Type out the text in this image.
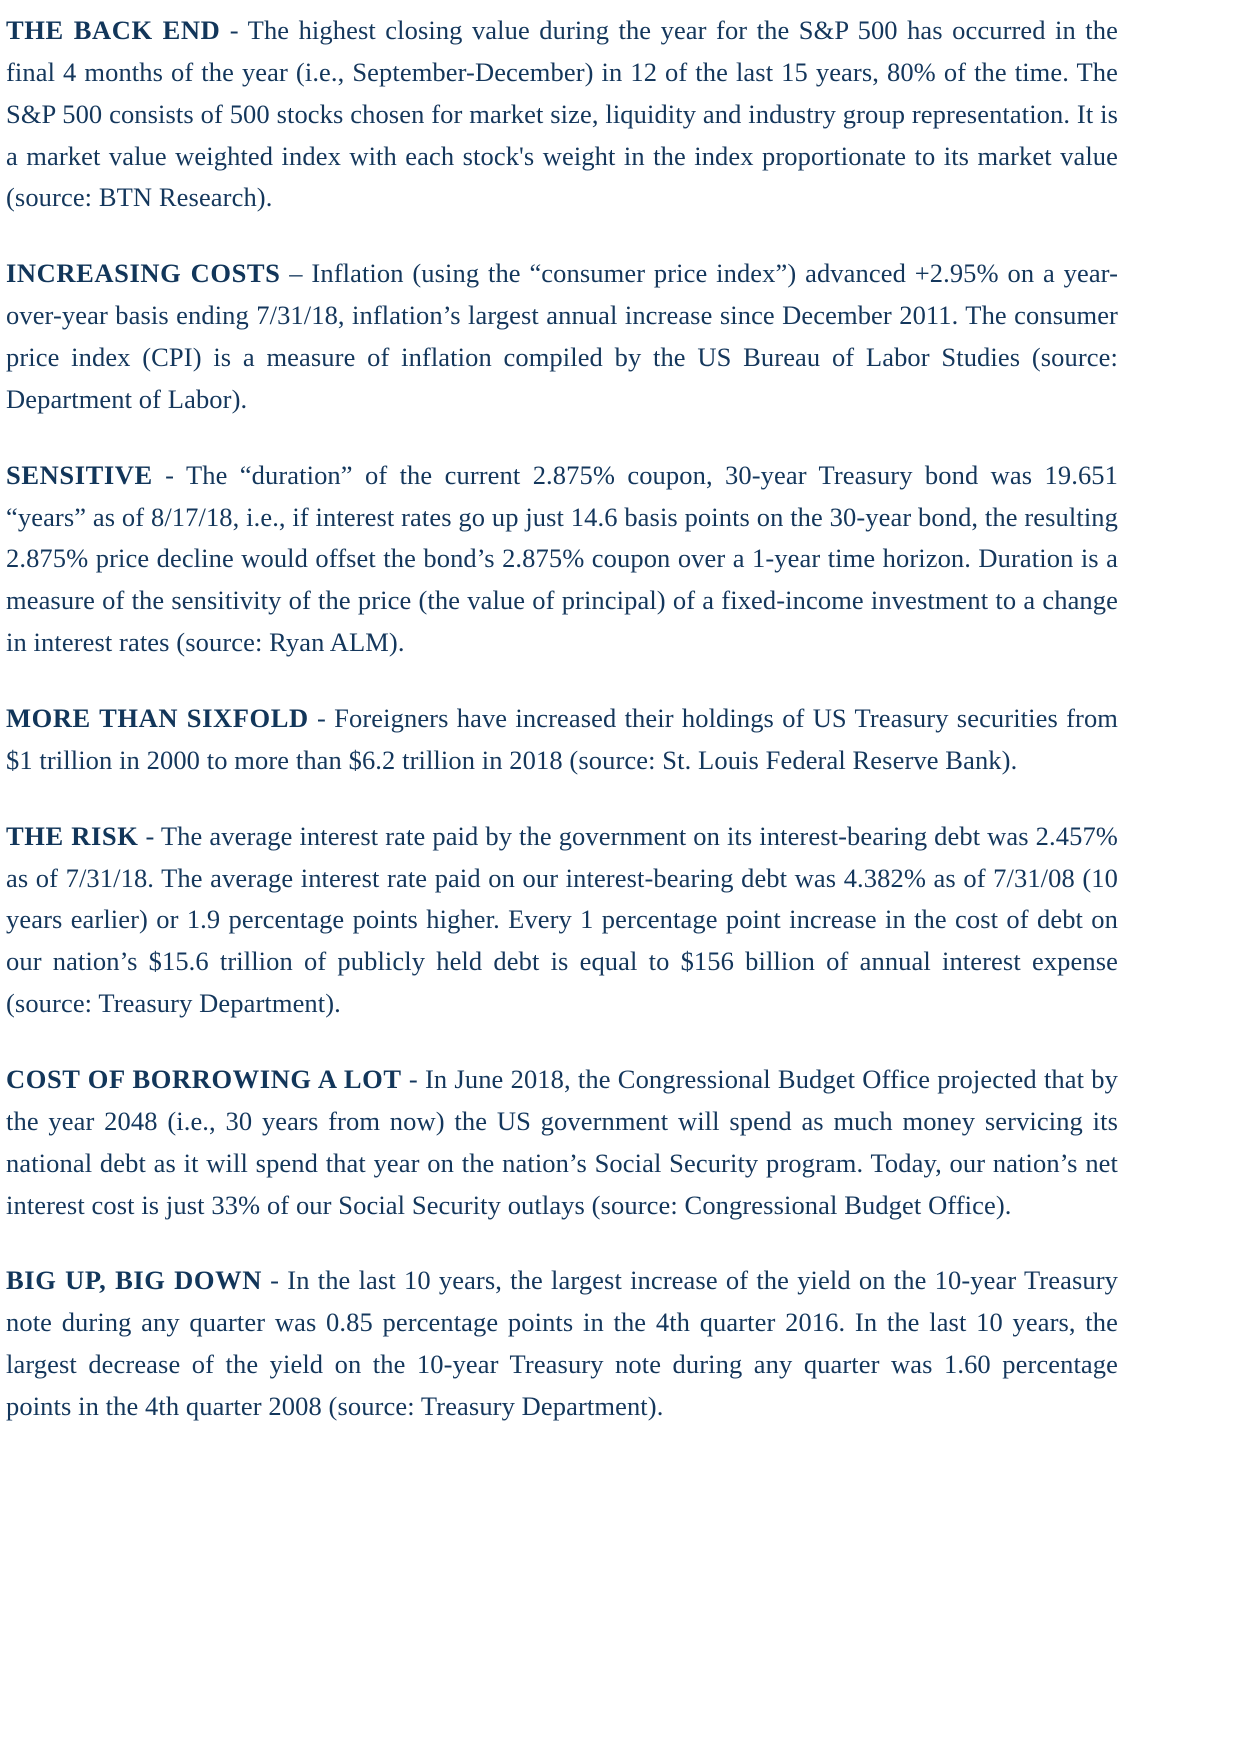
THE BACK END - The highest closing value during the year for the S&P 500 has occurred in the final 4 months of the year (i.e., September-December) in 12 of the last 15 years, 80% of the time. The S&P 500 consists of 500 stocks chosen for market size, liquidity and industry group representation. It is a market value weighted index with each stock's weight in the index proportionate to its market value (source: BTN Research).

INCREASING COSTS – Inflation (using the “consumer price index”) advanced +2.95% on a year-over-year basis ending 7/31/18, inflation’s largest annual increase since December 2011. The consumer price index (CPI) is a measure of inflation compiled by the US Bureau of Labor Studies (source: Department of Labor).

SENSITIVE - The “duration” of the current 2.875% coupon, 30-year Treasury bond was 19.651 “years” as of 8/17/18, i.e., if interest rates go up just 14.6 basis points on the 30-year bond, the resulting 2.875% price decline would offset the bond’s 2.875% coupon over a 1-year time horizon. Duration is a measure of the sensitivity of the price (the value of principal) of a fixed-income investment to a change in interest rates (source: Ryan ALM).

MORE THAN SIXFOLD - Foreigners have increased their holdings of US Treasury securities from $1 trillion in 2000 to more than $6.2 trillion in 2018 (source: St. Louis Federal Reserve Bank).

THE RISK - The average interest rate paid by the government on its interest-bearing debt was 2.457% as of 7/31/18. The average interest rate paid on our interest-bearing debt was 4.382% as of 7/31/08 (10 years earlier) or 1.9 percentage points higher. Every 1 percentage point increase in the cost of debt on our nation’s $15.6 trillion of publicly held debt is equal to $156 billion of annual interest expense (source: Treasury Department).

COST OF BORROWING A LOT - In June 2018, the Congressional Budget Office projected that by the year 2048 (i.e., 30 years from now) the US government will spend as much money servicing its national debt as it will spend that year on the nation’s Social Security program. Today, our nation’s net interest cost is just 33% of our Social Security outlays (source: Congressional Budget Office).

BIG UP, BIG DOWN - In the last 10 years, the largest increase of the yield on the 10-year Treasury note during any quarter was 0.85 percentage points in the 4th quarter 2016. In the last 10 years, the largest decrease of the yield on the 10-year Treasury note during any quarter was 1.60 percentage points in the 4th quarter 2008 (source: Treasury Department).
